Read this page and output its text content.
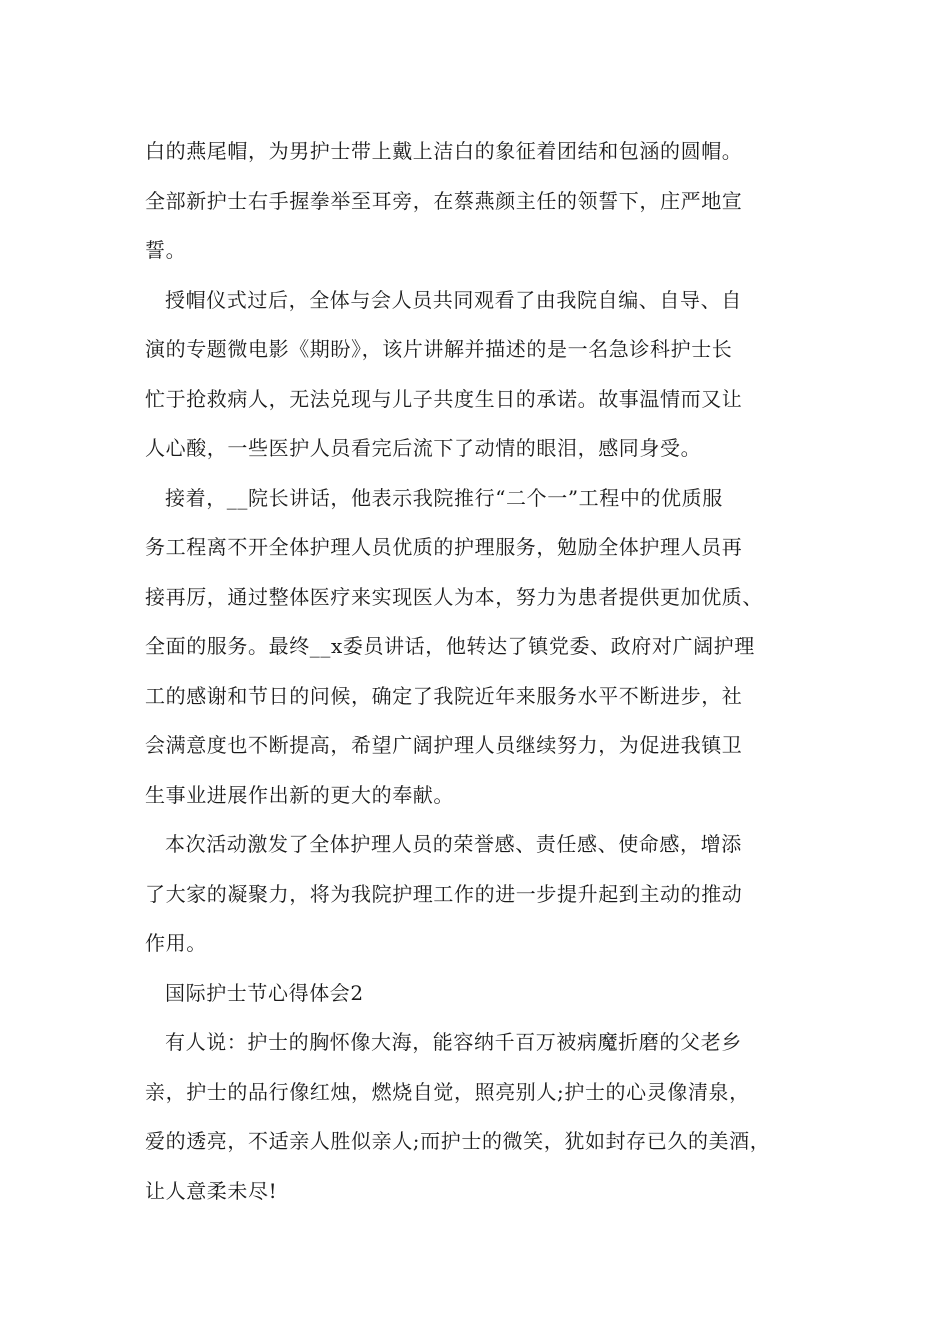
白的燕尾帽，为男护士带上戴上洁白的象征着团结和包涵的圆帽。
全部新护士右手握拳举至耳旁，在蔡燕颜主任的领誓下，庄严地宣
誓。
授帽仪式过后，全体与会人员共同观看了由我院自编、自导、自
演的专题微电影《期盼》，该片讲解并描述的是一名急诊科护士长
忙于抢救病人，无法兑现与儿子共度生日的承诺。故事温情而又让
人心酸，一些医护人员看完后流下了动情的眼泪，感同身受。
接着，__院长讲话，他表示我院推行“二个一”工程中的优质服
务工程离不开全体护理人员优质的护理服务，勉励全体护理人员再
接再厉，通过整体医疗来实现医人为本，努力为患者提供更加优质、
全面的服务。最终__x委员讲话，他转达了镇党委、政府对广阔护理
工的感谢和节日的问候，确定了我院近年来服务水平不断进步，社
会满意度也不断提高，希望广阔护理人员继续努力，为促进我镇卫
生事业进展作出新的更大的奉献。
本次活动激发了全体护理人员的荣誉感、责任感、使命感，增添
了大家的凝聚力，将为我院护理工作的进一步提升起到主动的推动
作用。
国际护士节心得体会2
有人说：护士的胸怀像大海，能容纳千百万被病魔折磨的父老乡
亲，护士的品行像红烛，燃烧自觉，照亮别人;护士的心灵像清泉，
爱的透亮，不适亲人胜似亲人;而护士的微笑，犹如封存已久的美酒，
让人意柔未尽!
